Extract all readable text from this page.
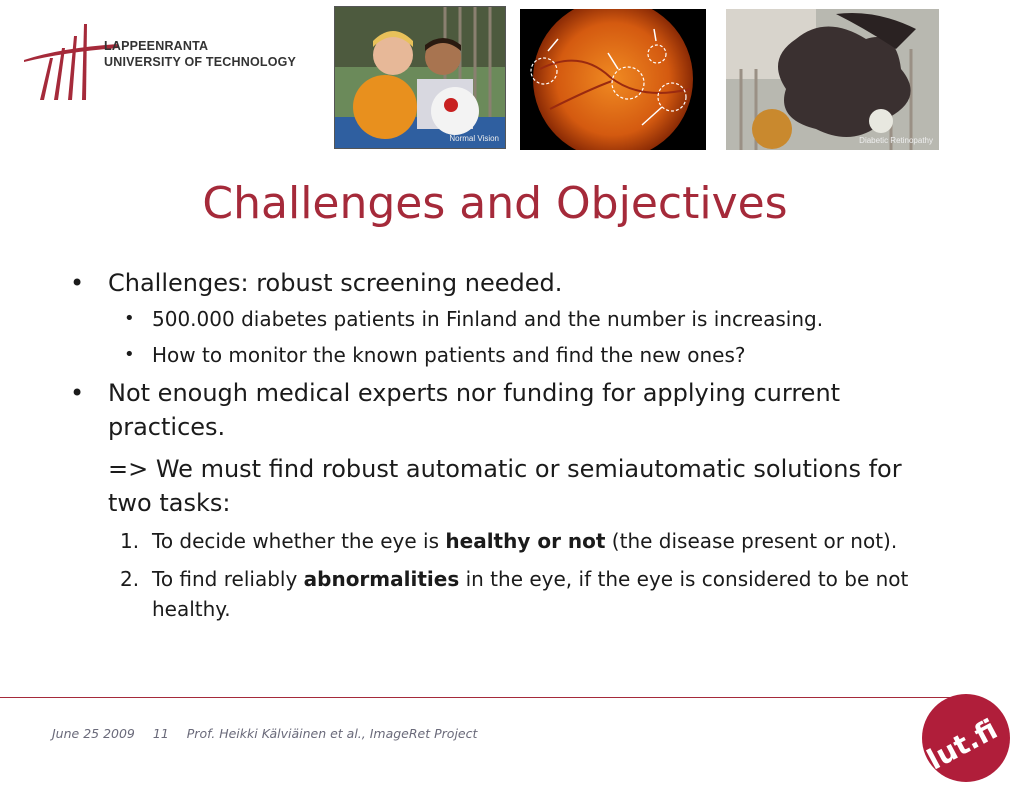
LAPPEENRANTA
UNIVERSITY OF TECHNOLOGY
Normal Vision	Diabetic Retinopathy
Challenges and Objectives
• Challenges: robust screening needed.
• 500.000 diabetes patients in Finland and the number is increasing.
• How to monitor the known patients and find the new ones?
• Not enough medical experts nor funding for applying current practices.
=> We must find robust automatic or semiautomatic solutions for two tasks:
1. To decide whether the eye is healthy or not (the disease present or not).
2. To find reliably abnormalities in the eye, if the eye is considered to be not healthy.
June 25 2009 11 Prof. Heikki Kälviäinen et al., ImageRet Project	lut.fi
